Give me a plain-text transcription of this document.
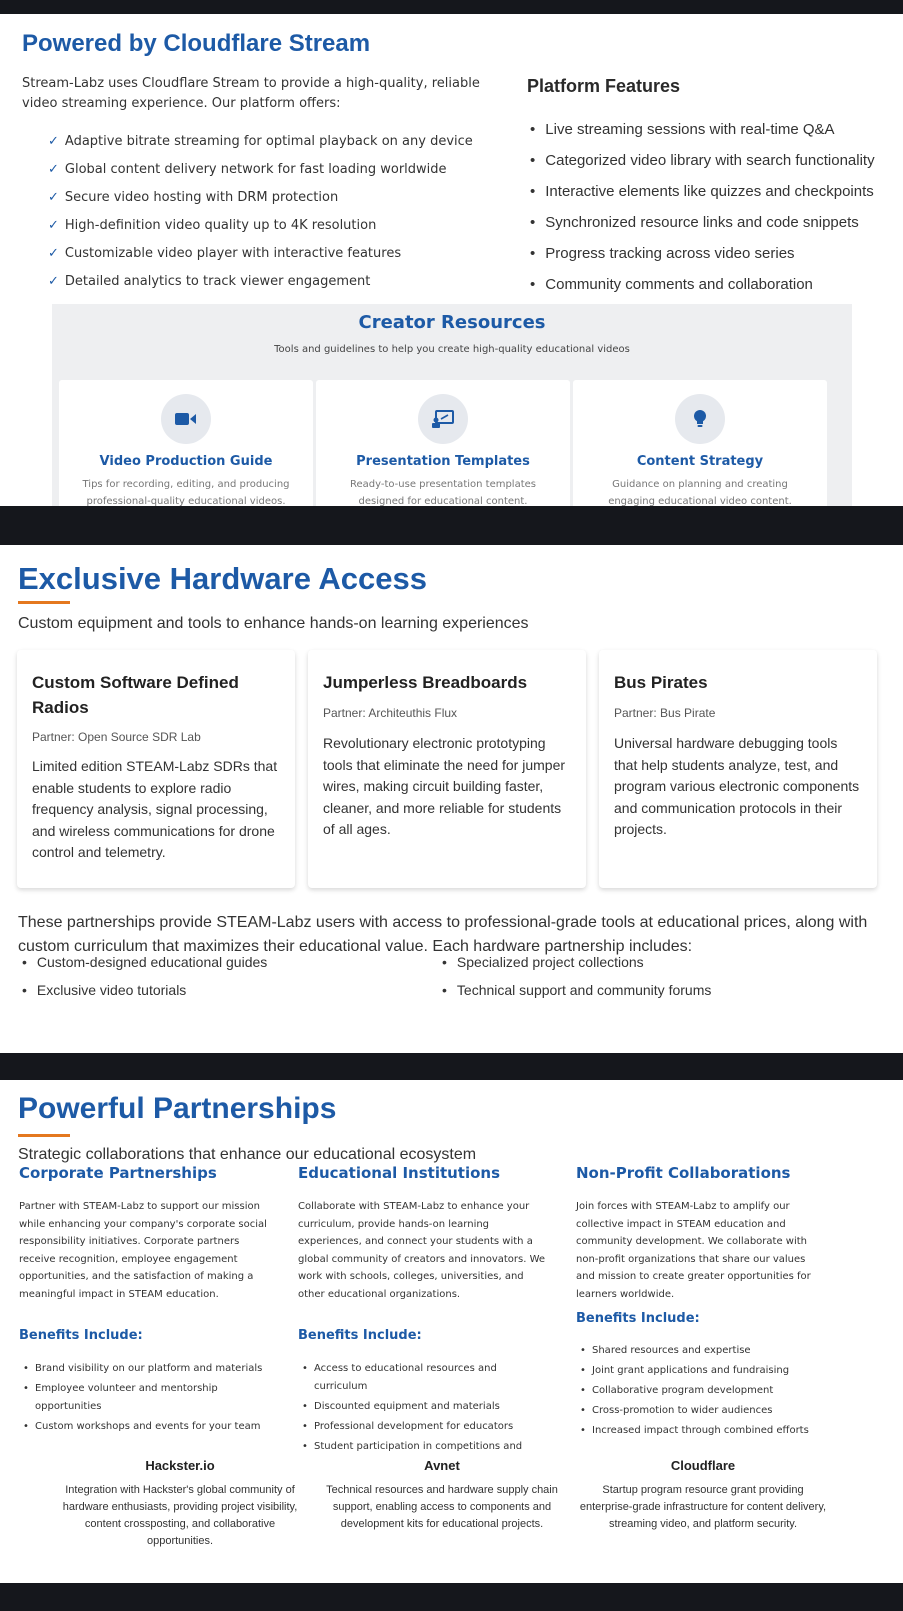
Powered by Cloudflare Stream

Stream-Labz uses Cloudflare Stream to provide a high-quality, reliable video streaming experience. Our platform offers:

✓ Adaptive bitrate streaming for optimal playback on any device
✓ Global content delivery network for fast loading worldwide
✓ Secure video hosting with DRM protection
✓ High-definition video quality up to 4K resolution
✓ Customizable video player with interactive features
✓ Detailed analytics to track viewer engagement
Platform Features
• Live streaming sessions with real-time Q&A
• Categorized video library with search functionality
• Interactive elements like quizzes and checkpoints
• Synchronized resource links and code snippets
• Progress tracking across video series
• Community comments and collaboration
Creator Resources

Tools and guidelines to help you create high-quality educational videos

Video Production Guide
Tips for recording, editing, and producing professional-quality educational videos.
Presentation Templates
Ready-to-use presentation templates designed for educational content.
Content Strategy
Guidance on planning and creating engaging educational video content.
Exclusive Hardware Access

Custom equipment and tools to enhance hands-on learning experiences

Custom Software Defined Radios
Partner: Open Source SDR Lab
Limited edition STEAM-Labz SDRs that enable students to explore radio frequency analysis, signal processing, and wireless communications for drone control and telemetry.
Jumperless Breadboards
Partner: Architeuthis Flux
Revolutionary electronic prototyping tools that eliminate the need for jumper wires, making circuit building faster, cleaner, and more reliable for students of all ages.
Bus Pirates
Partner: Bus Pirate
Universal hardware debugging tools that help students analyze, test, and program various electronic components and communication protocols in their projects.

These partnerships provide STEAM-Labz users with access to professional-grade tools at educational prices, along with custom curriculum that maximizes their educational value. Each hardware partnership includes:

• Custom-designed educational guides
• Exclusive video tutorials
• Specialized project collections
• Technical support and community forums
Powerful Partnerships

Strategic collaborations that enhance our educational ecosystem

Corporate Partnerships

Partner with STEAM-Labz to support our mission while enhancing your company's corporate social responsibility initiatives. Corporate partners receive recognition, employee engagement opportunities, and the satisfaction of making a meaningful impact in STEAM education.

Benefits Include:
• Brand visibility on our platform and materials
• Employee volunteer and mentorship opportunities
• Custom workshops and events for your team
Educational Institutions

Collaborate with STEAM-Labz to enhance your curriculum, provide hands-on learning experiences, and connect your students with a global community of creators and innovators. We work with schools, colleges, universities, and other educational organizations.

Benefits Include:
• Access to educational resources and curriculum
• Discounted equipment and materials
• Professional development for educators
• Student participation in competitions and
Non-Profit Collaborations

Join forces with STEAM-Labz to amplify our collective impact in STEAM education and community development. We collaborate with non-profit organizations that share our values and mission to create greater opportunities for learners worldwide.

Benefits Include:
• Shared resources and expertise
• Joint grant applications and fundraising
• Collaborative program development
• Cross-promotion to wider audiences
• Increased impact through combined efforts
Hackster.io
Integration with Hackster's global community of hardware enthusiasts, providing project visibility, content crossposting, and collaborative opportunities.
Avnet
Technical resources and hardware supply chain support, enabling access to components and development kits for educational projects.
Cloudflare
Startup program resource grant providing enterprise-grade infrastructure for content delivery, streaming video, and platform security.
